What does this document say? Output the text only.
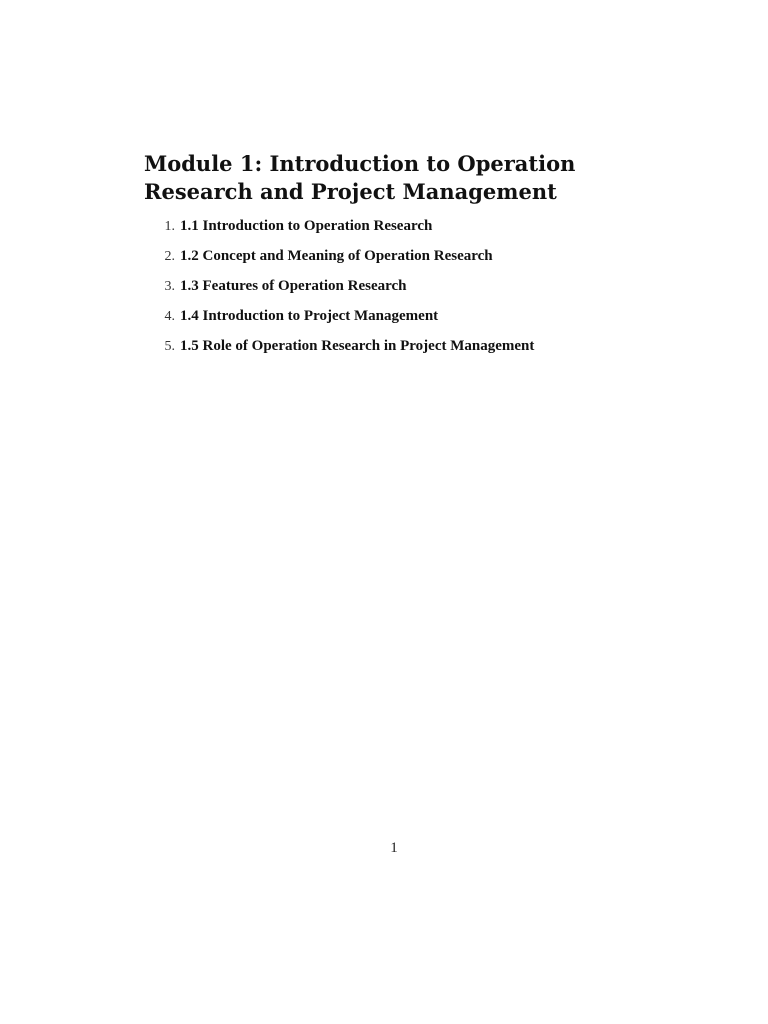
Module 1: Introduction to Operation Research and Project Management
1. 1.1 Introduction to Operation Research
2. 1.2 Concept and Meaning of Operation Research
3. 1.3 Features of Operation Research
4. 1.4 Introduction to Project Management
5. 1.5 Role of Operation Research in Project Management
1
